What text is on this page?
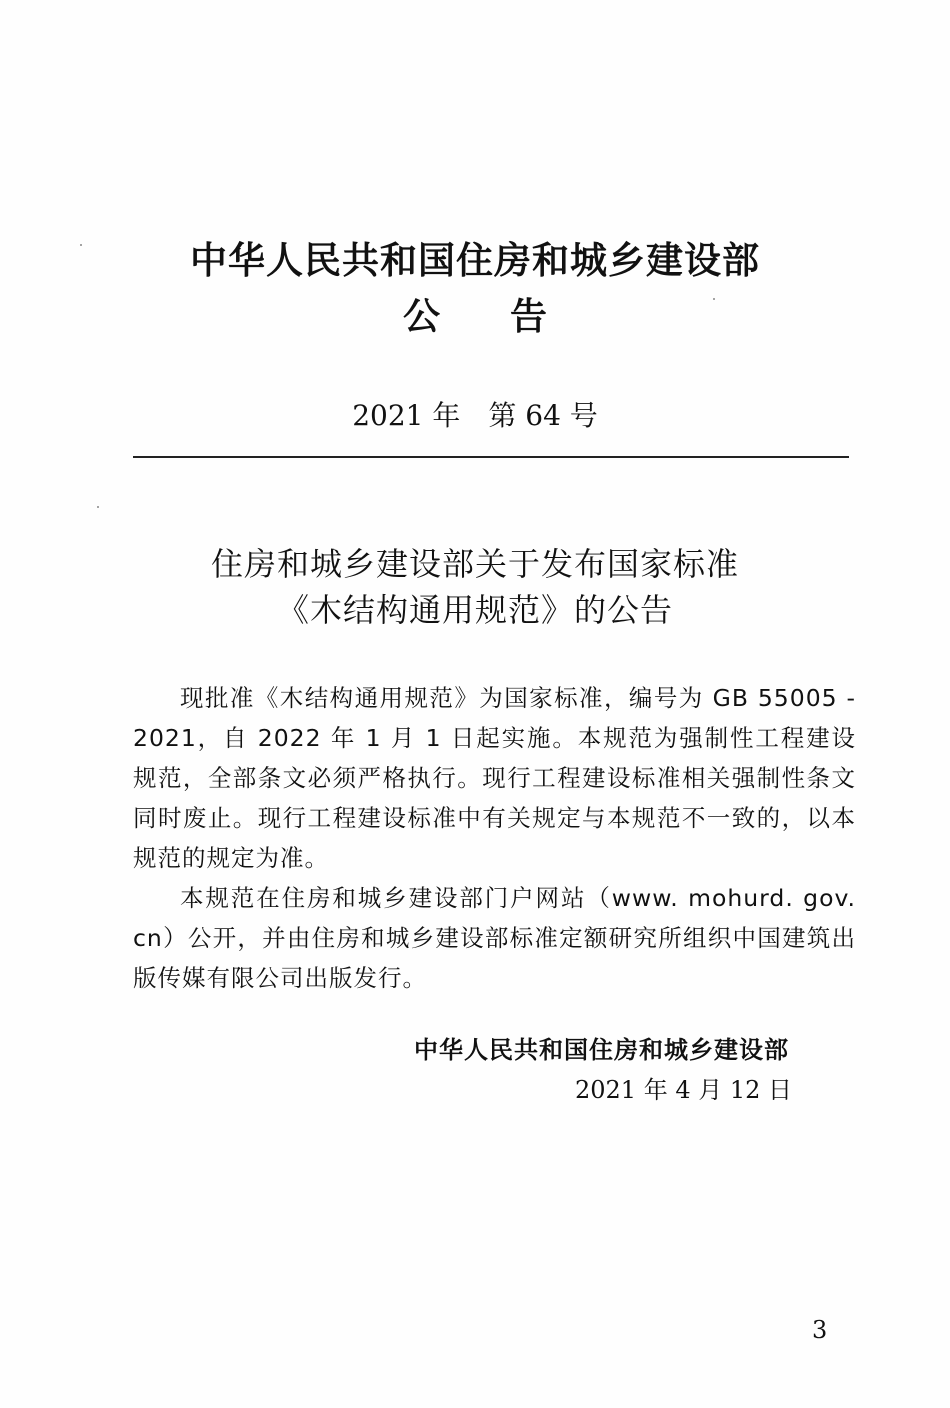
中华人民共和国住房和城乡建设部
公告
2021 年　第 64 号
住房和城乡建设部关于发布国家标准
《木结构通用规范》的公告

现批准《木结构通用规范》为国家标准，编号为 GB 55005 - 2021，自 2022 年 1 月 1 日起实施。本规范为强制性工程建设规范，全部条文必须严格执行。现行工程建设标准相关强制性条文同时废止。现行工程建设标准中有关规定与本规范不一致的，以本规范的规定为准。

本规范在住房和城乡建设部门户网站（www. mohurd. gov. cn）公开，并由住房和城乡建设部标准定额研究所组织中国建筑出版传媒有限公司出版发行。

中华人民共和国住房和城乡建设部
2021 年 4 月 12 日
3
